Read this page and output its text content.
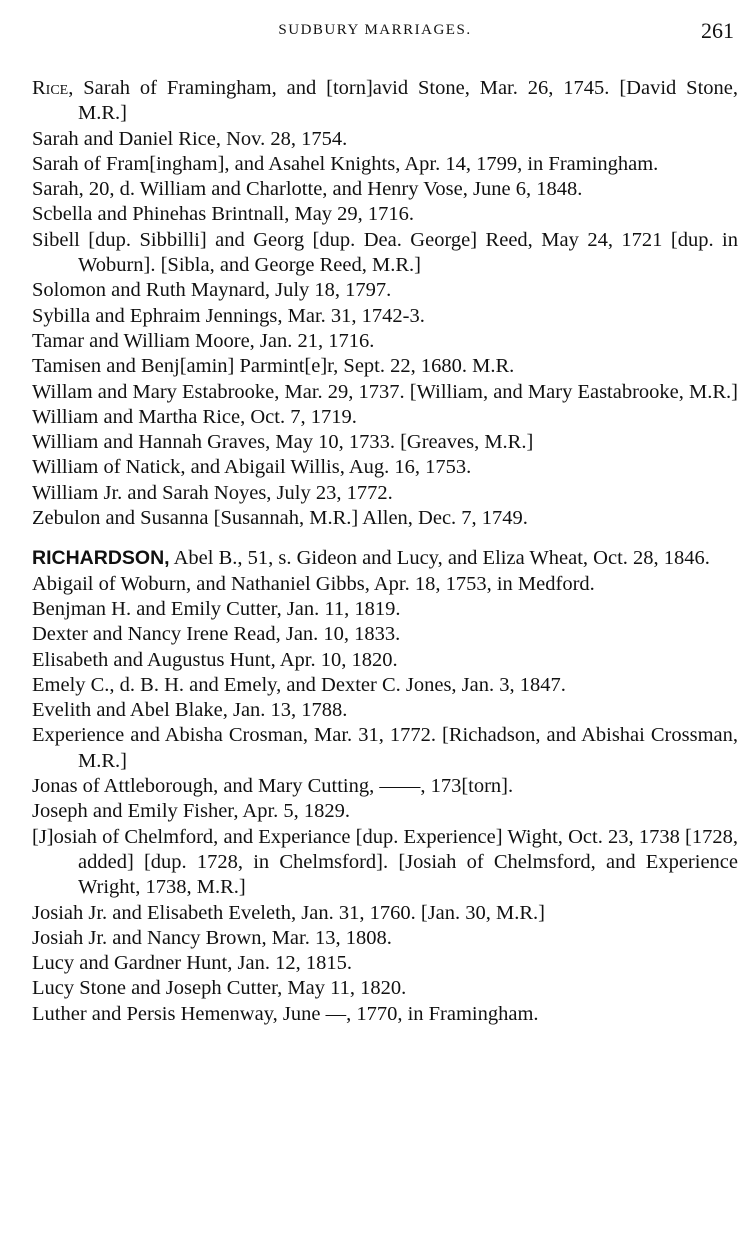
SUDBURY MARRIAGES.	261
Rice, Sarah of Framingham, and [torn]avid Stone, Mar. 26, 1745. [David Stone, M.R.]
Sarah and Daniel Rice, Nov. 28, 1754.
Sarah of Fram[ingham], and Asahel Knights, Apr. 14, 1799, in Framingham.
Sarah, 20, d. William and Charlotte, and Henry Vose, June 6, 1848.
Scbella and Phinehas Brintnall, May 29, 1716.
Sibell [dup. Sibbilli] and Georg [dup. Dea. George] Reed, May 24, 1721 [dup. in Woburn]. [Sibla, and George Reed, M.R.]
Solomon and Ruth Maynard, July 18, 1797.
Sybilla and Ephraim Jennings, Mar. 31, 1742-3.
Tamar and William Moore, Jan. 21, 1716.
Tamisen and Benj[amin] Parmint[e]r, Sept. 22, 1680. M.R.
Willam and Mary Estabrooke, Mar. 29, 1737. [William, and Mary Eastabrooke, M.R.]
William and Martha Rice, Oct. 7, 1719.
William and Hannah Graves, May 10, 1733. [Greaves, M.R.]
William of Natick, and Abigail Willis, Aug. 16, 1753.
William Jr. and Sarah Noyes, July 23, 1772.
Zebulon and Susanna [Susannah, M.R.] Allen, Dec. 7, 1749.
RICHARDSON, Abel B., 51, s. Gideon and Lucy, and Eliza Wheat, Oct. 28, 1846.
Abigail of Woburn, and Nathaniel Gibbs, Apr. 18, 1753, in Medford.
Benjman H. and Emily Cutter, Jan. 11, 1819.
Dexter and Nancy Irene Read, Jan. 10, 1833.
Elisabeth and Augustus Hunt, Apr. 10, 1820.
Emely C., d. B. H. and Emely, and Dexter C. Jones, Jan. 3, 1847.
Evelith and Abel Blake, Jan. 13, 1788.
Experience and Abisha Crosman, Mar. 31, 1772. [Richadson, and Abishai Crossman, M.R.]
Jonas of Attleborough, and Mary Cutting, ——, 173[torn].
Joseph and Emily Fisher, Apr. 5, 1829.
[J]osiah of Chelmford, and Experiance [dup. Experience] Wight, Oct. 23, 1738 [1728, added] [dup. 1728, in Chelmsford]. [Josiah of Chelmsford, and Experience Wright, 1738, M.R.]
Josiah Jr. and Elisabeth Eveleth, Jan. 31, 1760. [Jan. 30, M.R.]
Josiah Jr. and Nancy Brown, Mar. 13, 1808.
Lucy and Gardner Hunt, Jan. 12, 1815.
Lucy Stone and Joseph Cutter, May 11, 1820.
Luther and Persis Hemenway, June —, 1770, in Framingham.
